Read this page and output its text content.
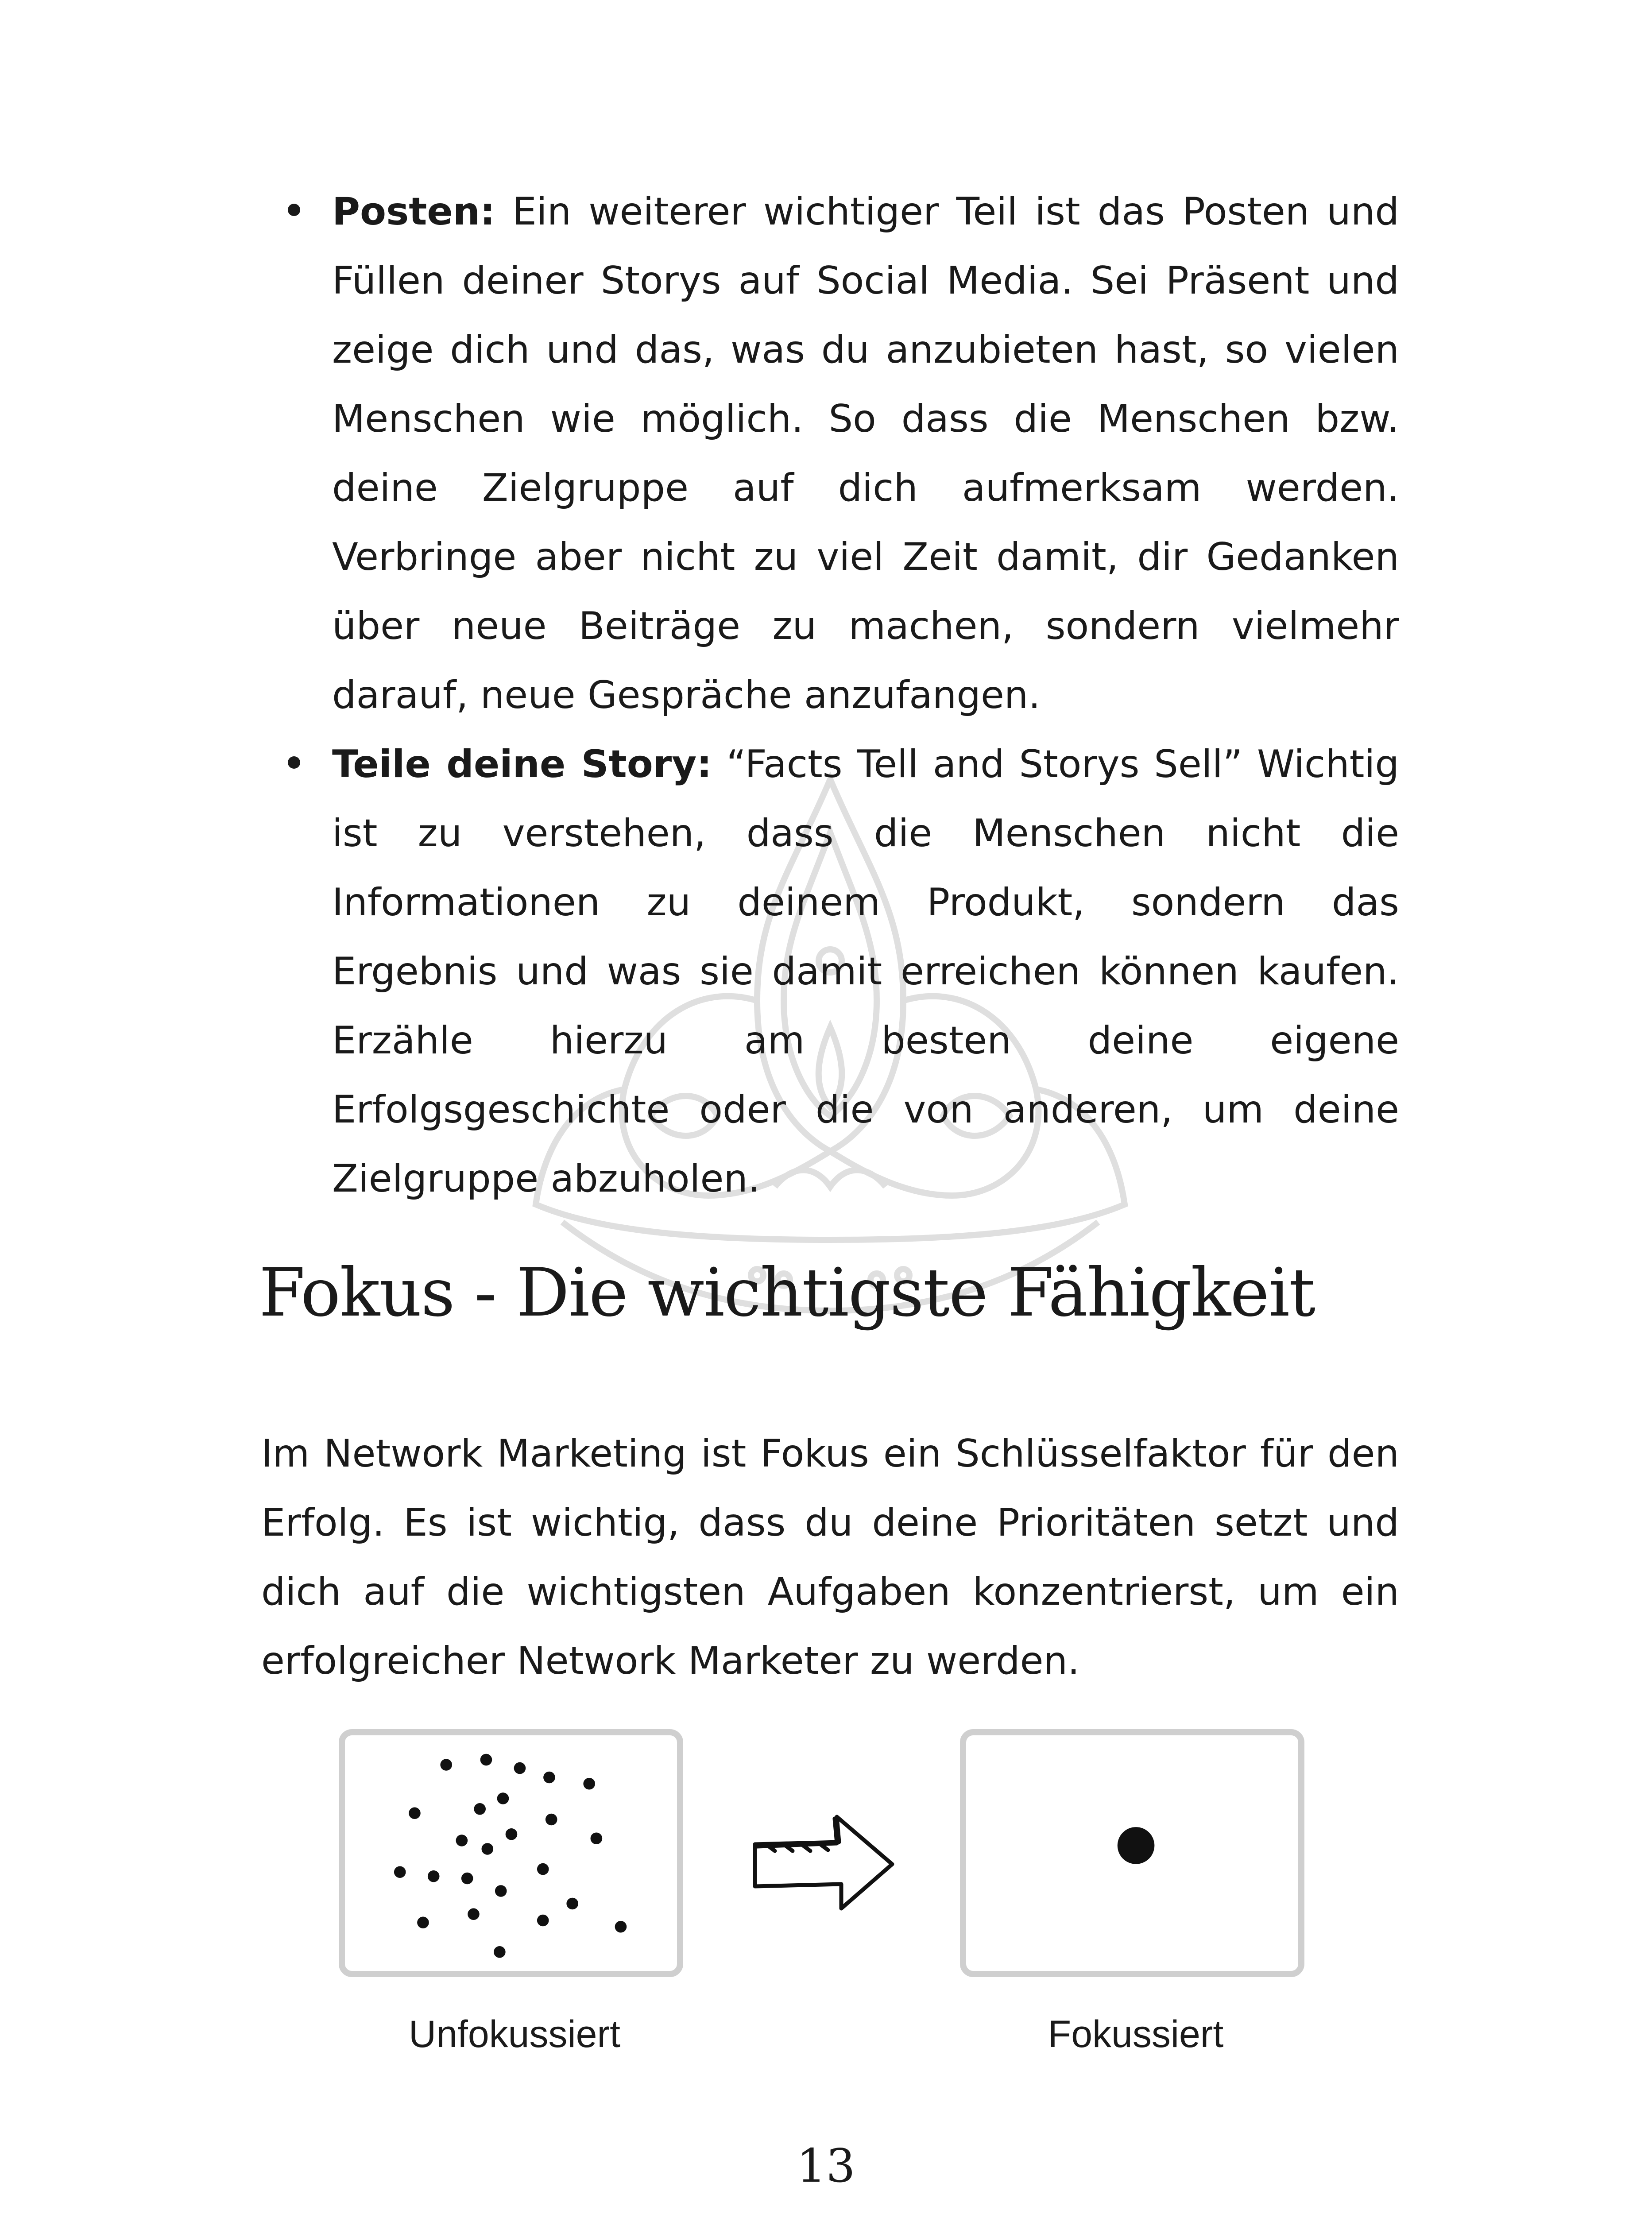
Posten: Ein weiterer wichtiger Teil ist das Posten und Füllen deiner Storys auf Social Media. Sei Präsent und zeige dich und das, was du anzubieten hast, so vielen Menschen wie möglich. So dass die Menschen bzw. deine Zielgruppe auf dich aufmerksam werden. Verbringe aber nicht zu viel Zeit damit, dir Gedanken über neue Beiträge zu machen, sondern vielmehr darauf, neue Gespräche anzufangen.
Teile deine Story: “Facts Tell and Storys Sell” Wichtig ist zu verstehen, dass die Menschen nicht die Informationen zu deinem Produkt, sondern das Ergebnis und was sie damit erreichen können kaufen. Erzähle hierzu am besten deine eigene Erfolgsgeschichte oder die von anderen, um deine Zielgruppe abzuholen.
Fokus - Die wichtigste Fähigkeit

Im Network Marketing ist Fokus ein Schlüsselfaktor für den Erfolg. Es ist wichtig, dass du deine Prioritäten setzt und dich auf die wichtigsten Aufgaben konzentrierst, um ein erfolgreicher Network Marketer zu werden.

Unfokussiert	Fokussiert
13
